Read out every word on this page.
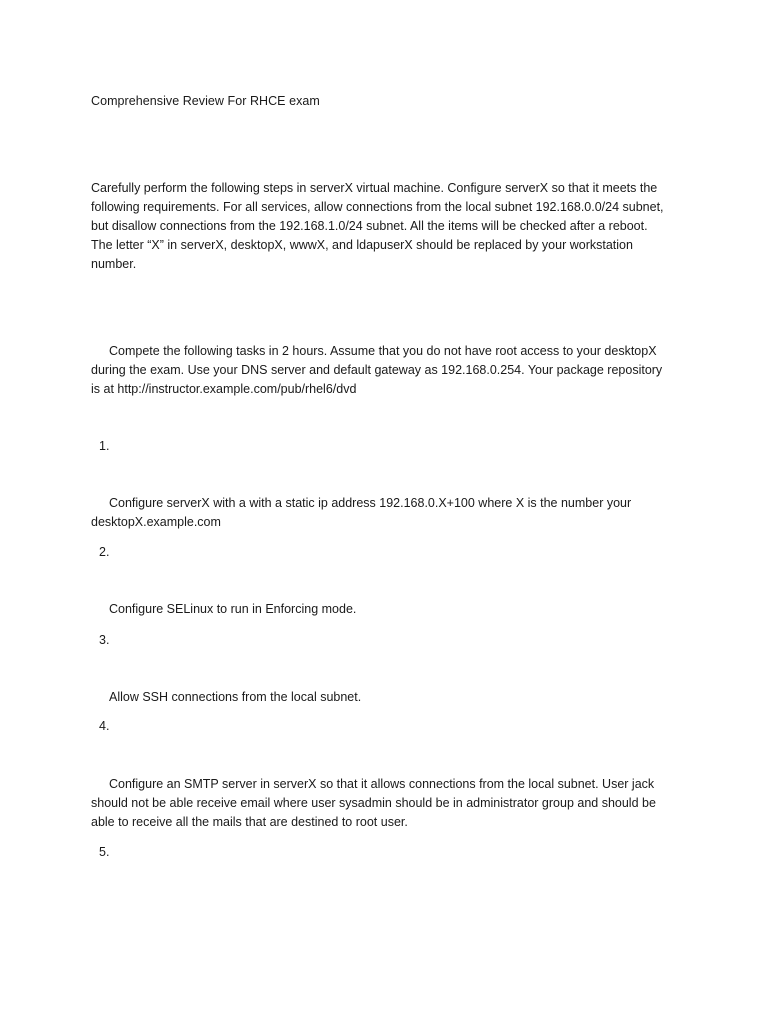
Comprehensive Review For RHCE exam

Carefully perform the following steps in serverX virtual machine. Configure serverX so that it meets the following requirements. For all services, allow connections from the local subnet 192.168.0.0/24 subnet, but disallow connections from the 192.168.1.0/24 subnet. All the items will be checked after a reboot. The letter “X” in serverX, desktopX, wwwX, and ldapuserX should be replaced by your workstation number.

Compete the following tasks in 2 hours. Assume that you do not have root access to your desktopX during the exam. Use your DNS server and default gateway as 192.168.0.254. Your package repository is at http://instructor.example.com/pub/rhel6/dvd

1.

Configure serverX with a with a static ip address 192.168.0.X+100 where X is the number your desktopX.example.com

2.

Configure SELinux to run in Enforcing mode.

3.

Allow SSH connections from the local subnet.

4.

Configure an SMTP server in serverX so that it allows connections from the local subnet. User jack should not be able receive email where user sysadmin should be in administrator group and should be able to receive all the mails that are destined to root user.

5.
